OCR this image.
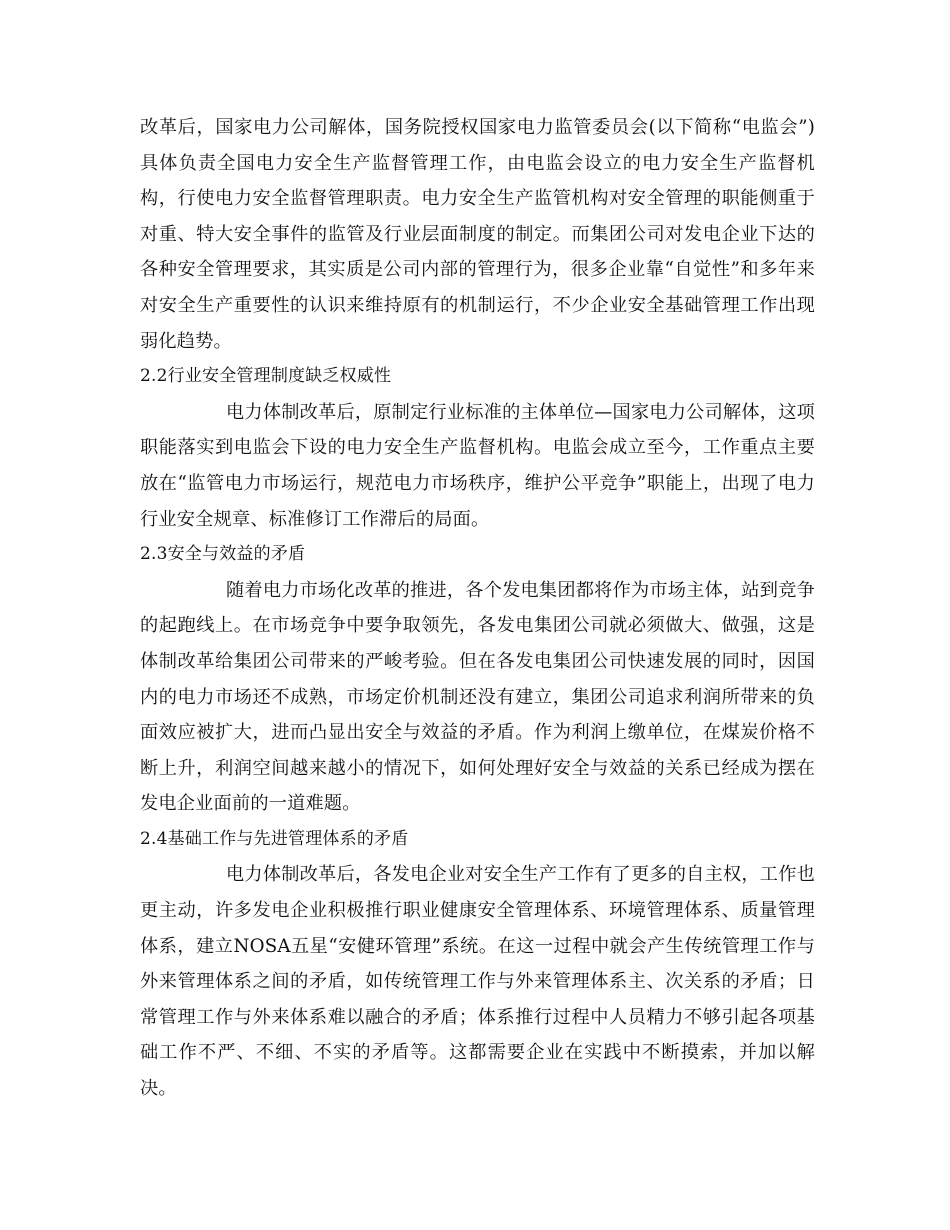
改革后，国家电力公司解体，国务院授权国家电力监管委员会(以下简称“电监会”)具体负责全国电力安全生产监督管理工作，由电监会设立的电力安全生产监督机构，行使电力安全监督管理职责。电力安全生产监管机构对安全管理的职能侧重于对重、特大安全事件的监管及行业层面制度的制定。而集团公司对发电企业下达的各种安全管理要求，其实质是公司内部的管理行为，很多企业靠“自觉性”和多年来对安全生产重要性的认识来维持原有的机制运行，不少企业安全基础管理工作出现弱化趋势。

2.2行业安全管理制度缺乏权威性

电力体制改革后，原制定行业标准的主体单位—国家电力公司解体，这项职能落实到电监会下设的电力安全生产监督机构。电监会成立至今，工作重点主要放在“监管电力市场运行，规范电力市场秩序，维护公平竞争”职能上，出现了电力行业安全规章、标准修订工作滞后的局面。

2.3安全与效益的矛盾

随着电力市场化改革的推进，各个发电集团都将作为市场主体，站到竞争的起跑线上。在市场竞争中要争取领先，各发电集团公司就必须做大、做强，这是体制改革给集团公司带来的严峻考验。但在各发电集团公司快速发展的同时，因国内的电力市场还不成熟，市场定价机制还没有建立，集团公司追求利润所带来的负面效应被扩大，进而凸显出安全与效益的矛盾。作为利润上缴单位，在煤炭价格不断上升，利润空间越来越小的情况下，如何处理好安全与效益的关系已经成为摆在发电企业面前的一道难题。

2.4基础工作与先进管理体系的矛盾

电力体制改革后，各发电企业对安全生产工作有了更多的自主权，工作也更主动，许多发电企业积极推行职业健康安全管理体系、环境管理体系、质量管理体系，建立NOSA五星“安健环管理”系统。在这一过程中就会产生传统管理工作与外来管理体系之间的矛盾，如传统管理工作与外来管理体系主、次关系的矛盾；日常管理工作与外来体系难以融合的矛盾；体系推行过程中人员精力不够引起各项基础工作不严、不细、不实的矛盾等。这都需要企业在实践中不断摸索，并加以解决。
